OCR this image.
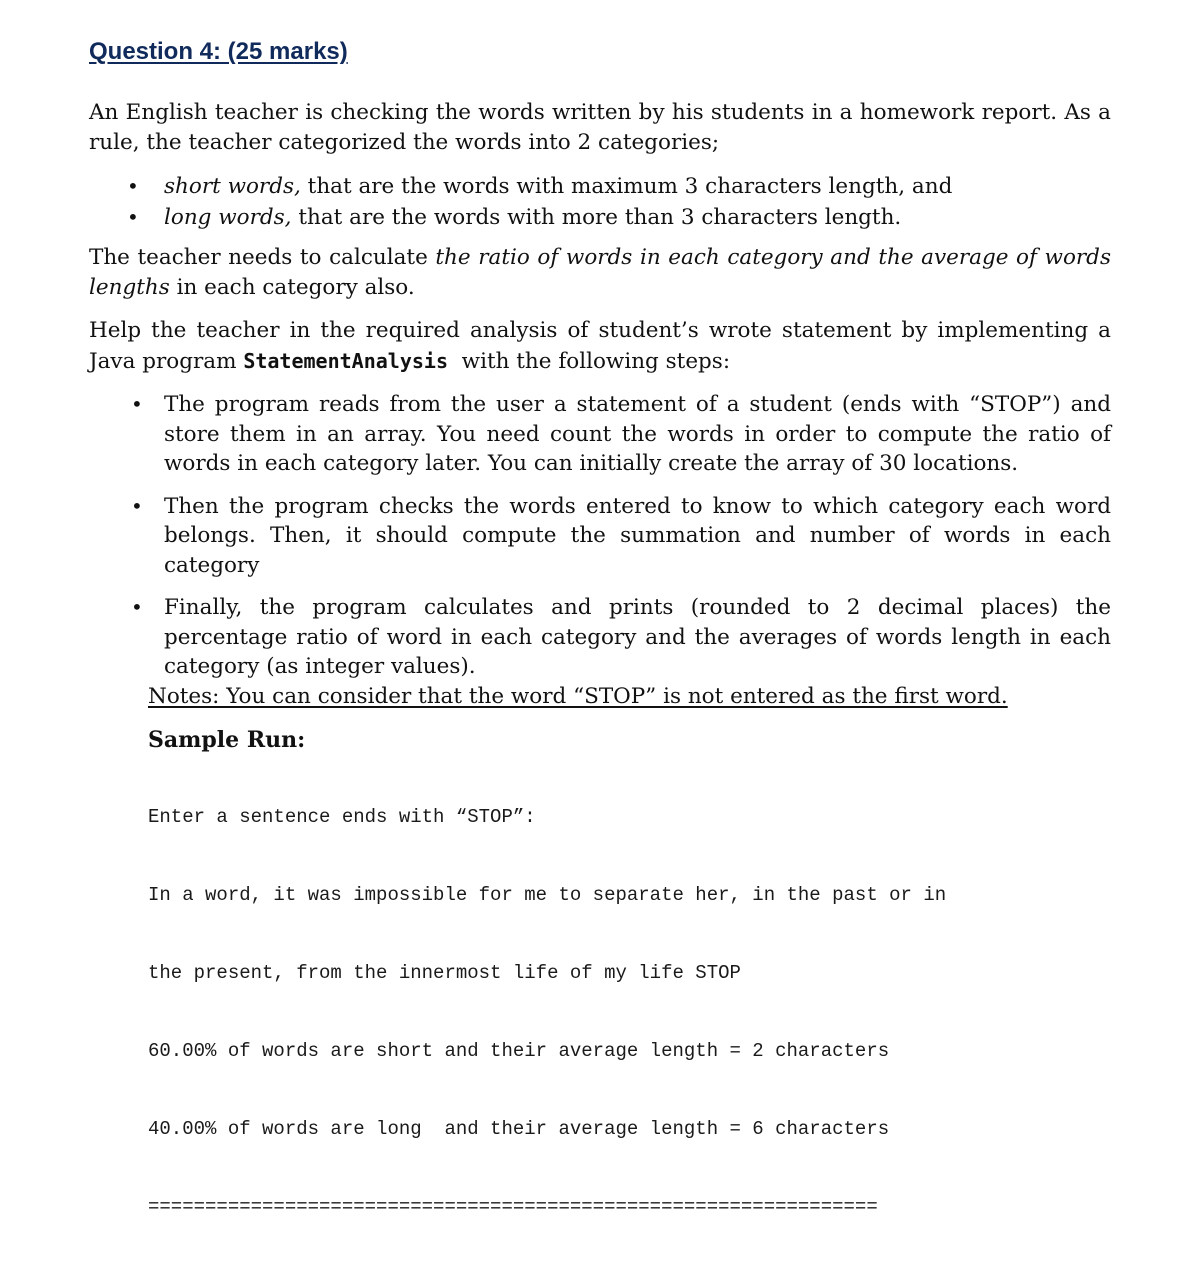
Question 4: (25 marks)
An English teacher is checking the words written by his students in a homework report. As a rule, the teacher categorized the words into 2 categories;
• short words, that are the words with maximum 3 characters length, and
• long words, that are the words with more than 3 characters length.
The teacher needs to calculate the ratio of words in each category and the average of words lengths in each category also.
Help the teacher in the required analysis of student’s wrote statement by implementing a Java program StatementAnalysis  with the following steps:
• The program reads from the user a statement of a student (ends with “STOP”) and store them in an array. You need count the words in order to compute the ratio of words in each category later. You can initially create the array of 30 locations.
• Then the program checks the words entered to know to which category each word belongs. Then, it should compute the summation and number of words in each category
• Finally, the program calculates and prints (rounded to 2 decimal places) the percentage ratio of word in each category and the averages of words length in each category (as integer values).
Notes: You can consider that the word “STOP” is not entered as the first word.
Sample Run:

Enter a sentence ends with “STOP”:

In a word, it was impossible for me to separate her, in the past or in

the present, from the innermost life of my life STOP

60.00% of words are short and their average length = 2 characters

40.00% of words are long  and their average length = 6 characters

================================================================
